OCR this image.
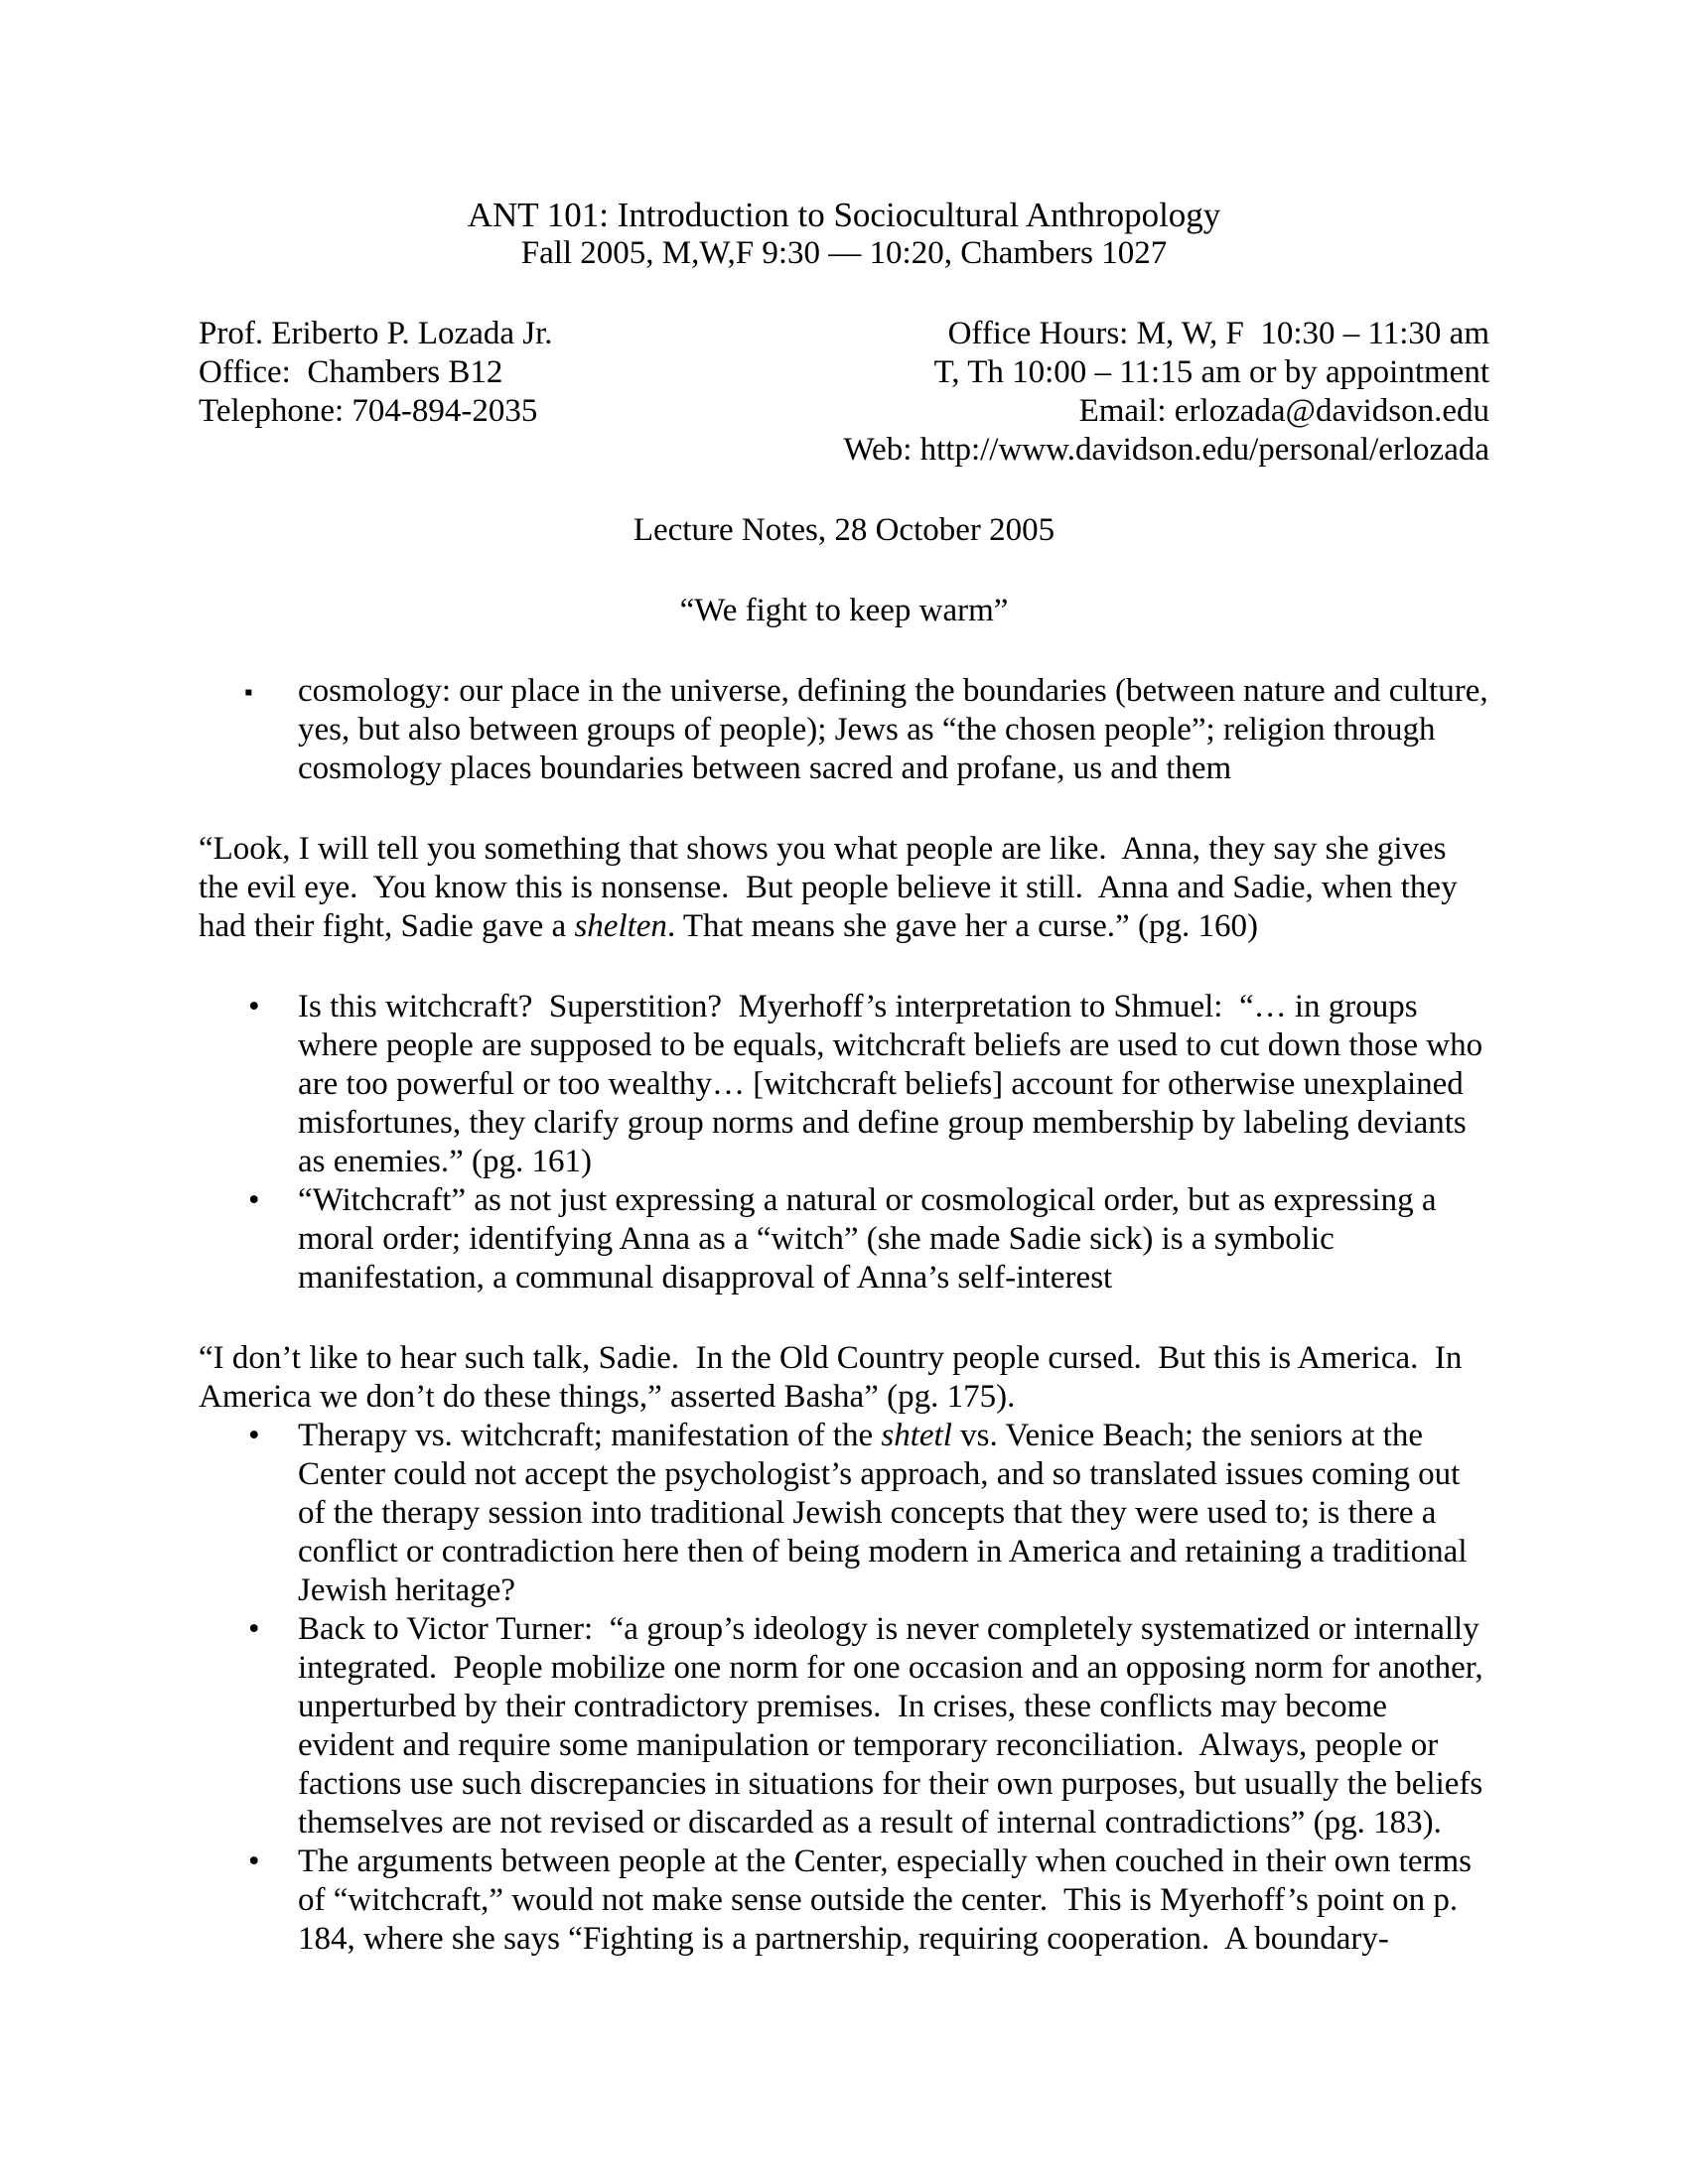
ANT 101: Introduction to Sociocultural Anthropology
Fall 2005, M,W,F 9:30 — 10:20, Chambers 1027
Prof. Eriberto P. Lozada Jr.
Office:  Chambers B12
Telephone: 704-894-2035
Office Hours: M, W, F  10:30 – 11:30 am
T, Th 10:00 – 11:15 am or by appointment
Email: erlozada@davidson.edu
Web: http://www.davidson.edu/personal/erlozada
Lecture Notes, 28 October 2005
“We fight to keep warm”
▪ cosmology: our place in the universe, defining the boundaries (between nature and culture, yes, but also between groups of people); Jews as “the chosen people”; religion through cosmology places boundaries between sacred and profane, us and them
“Look, I will tell you something that shows you what people are like.  Anna, they say she gives the evil eye.  You know this is nonsense.  But people believe it still.  Anna and Sadie, when they had their fight, Sadie gave a shelten. That means she gave her a curse.” (pg. 160)
• Is this witchcraft?  Superstition?  Myerhoff’s interpretation to Shmuel:  “… in groups where people are supposed to be equals, witchcraft beliefs are used to cut down those who are too powerful or too wealthy… [witchcraft beliefs] account for otherwise unexplained misfortunes, they clarify group norms and define group membership by labeling deviants as enemies.” (pg. 161)
• “Witchcraft” as not just expressing a natural or cosmological order, but as expressing a moral order; identifying Anna as a “witch” (she made Sadie sick) is a symbolic manifestation, a communal disapproval of Anna’s self-interest
“I don’t like to hear such talk, Sadie.  In the Old Country people cursed.  But this is America.  In America we don’t do these things,” asserted Basha” (pg. 175).
• Therapy vs. witchcraft; manifestation of the shtetl vs. Venice Beach; the seniors at the Center could not accept the psychologist’s approach, and so translated issues coming out of the therapy session into traditional Jewish concepts that they were used to; is there a conflict or contradiction here then of being modern in America and retaining a traditional Jewish heritage?
• Back to Victor Turner:  “a group’s ideology is never completely systematized or internally integrated.  People mobilize one norm for one occasion and an opposing norm for another, unperturbed by their contradictory premises.  In crises, these conflicts may become evident and require some manipulation or temporary reconciliation.  Always, people or factions use such discrepancies in situations for their own purposes, but usually the beliefs themselves are not revised or discarded as a result of internal contradictions” (pg. 183).
• The arguments between people at the Center, especially when couched in their own terms of “witchcraft,” would not make sense outside the center.  This is Myerhoff’s point on p. 184, where she says “Fighting is a partnership, requiring cooperation.  A boundary-
